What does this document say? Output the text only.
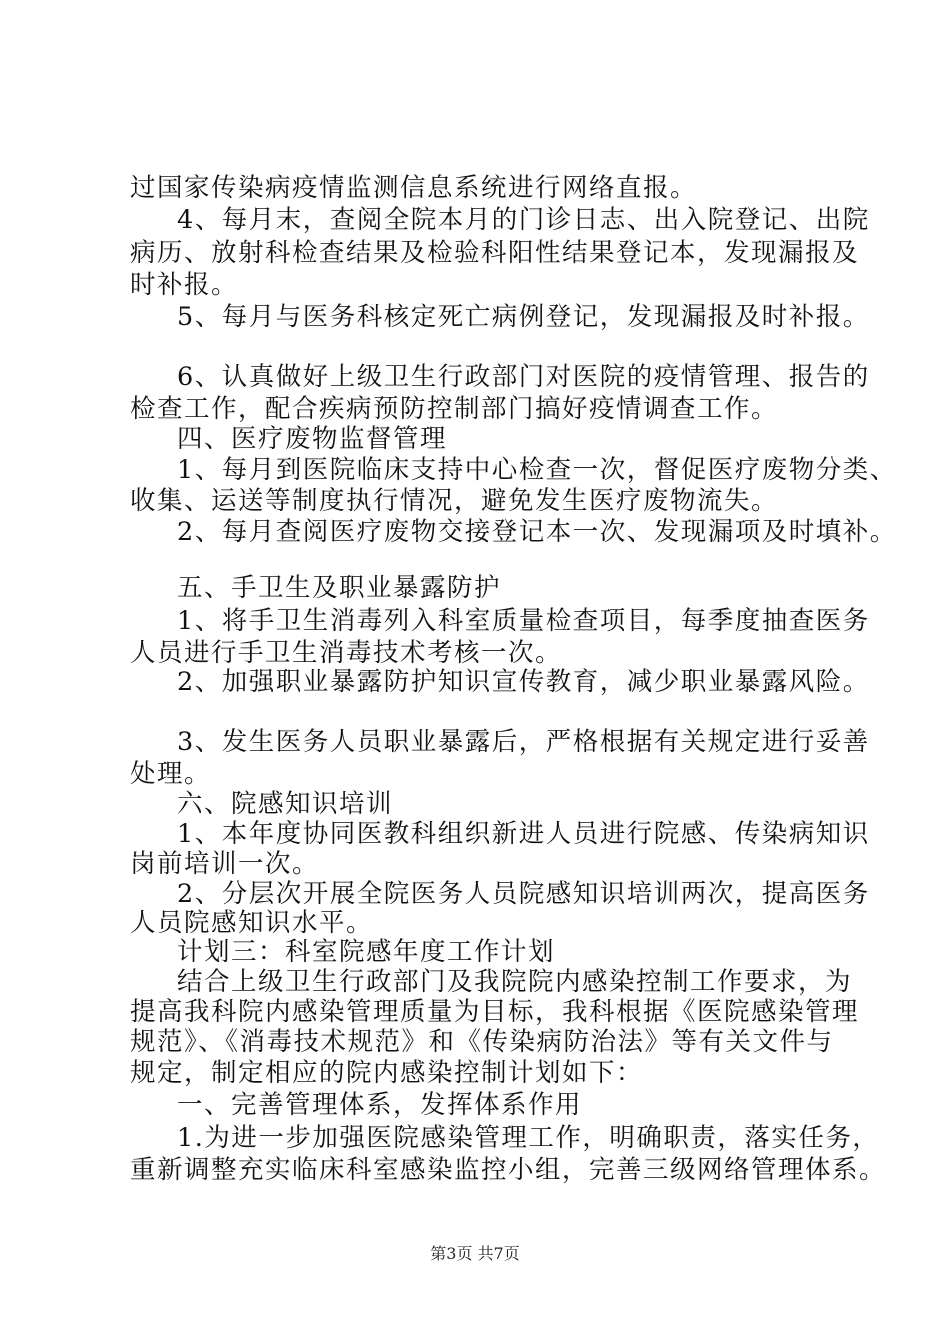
过国家传染病疫情监测信息系统进行网络直报。
4、每月末，查阅全院本月的门诊日志、出入院登记、出院
病历、放射科检查结果及检验科阳性结果登记本，发现漏报及
时补报。
5、每月与医务科核定死亡病例登记，发现漏报及时补报。
6、认真做好上级卫生行政部门对医院的疫情管理、报告的
检查工作，配合疾病预防控制部门搞好疫情调查工作。
四、医疗废物监督管理
1、每月到医院临床支持中心检查一次，督促医疗废物分类、
收集、运送等制度执行情况，避免发生医疗废物流失。
2、每月查阅医疗废物交接登记本一次、发现漏项及时填补。
五、手卫生及职业暴露防护
1、将手卫生消毒列入科室质量检查项目，每季度抽查医务
人员进行手卫生消毒技术考核一次。
2、加强职业暴露防护知识宣传教育，减少职业暴露风险。
3、发生医务人员职业暴露后，严格根据有关规定进行妥善
处理。
六、院感知识培训
1、本年度协同医教科组织新进人员进行院感、传染病知识
岗前培训一次。
2、分层次开展全院医务人员院感知识培训两次，提高医务
人员院感知识水平。
计划三：科室院感年度工作计划
结合上级卫生行政部门及我院院内感染控制工作要求，为
提高我科院内感染管理质量为目标，我科根据《医院感染管理
规范》、《消毒技术规范》和《传染病防治法》等有关文件与
规定，制定相应的院内感染控制计划如下：
一、完善管理体系，发挥体系作用
1.为进一步加强医院感染管理工作，明确职责，落实任务，
重新调整充实临床科室感染监控小组，完善三级网络管理体系。
第3页 共7页
